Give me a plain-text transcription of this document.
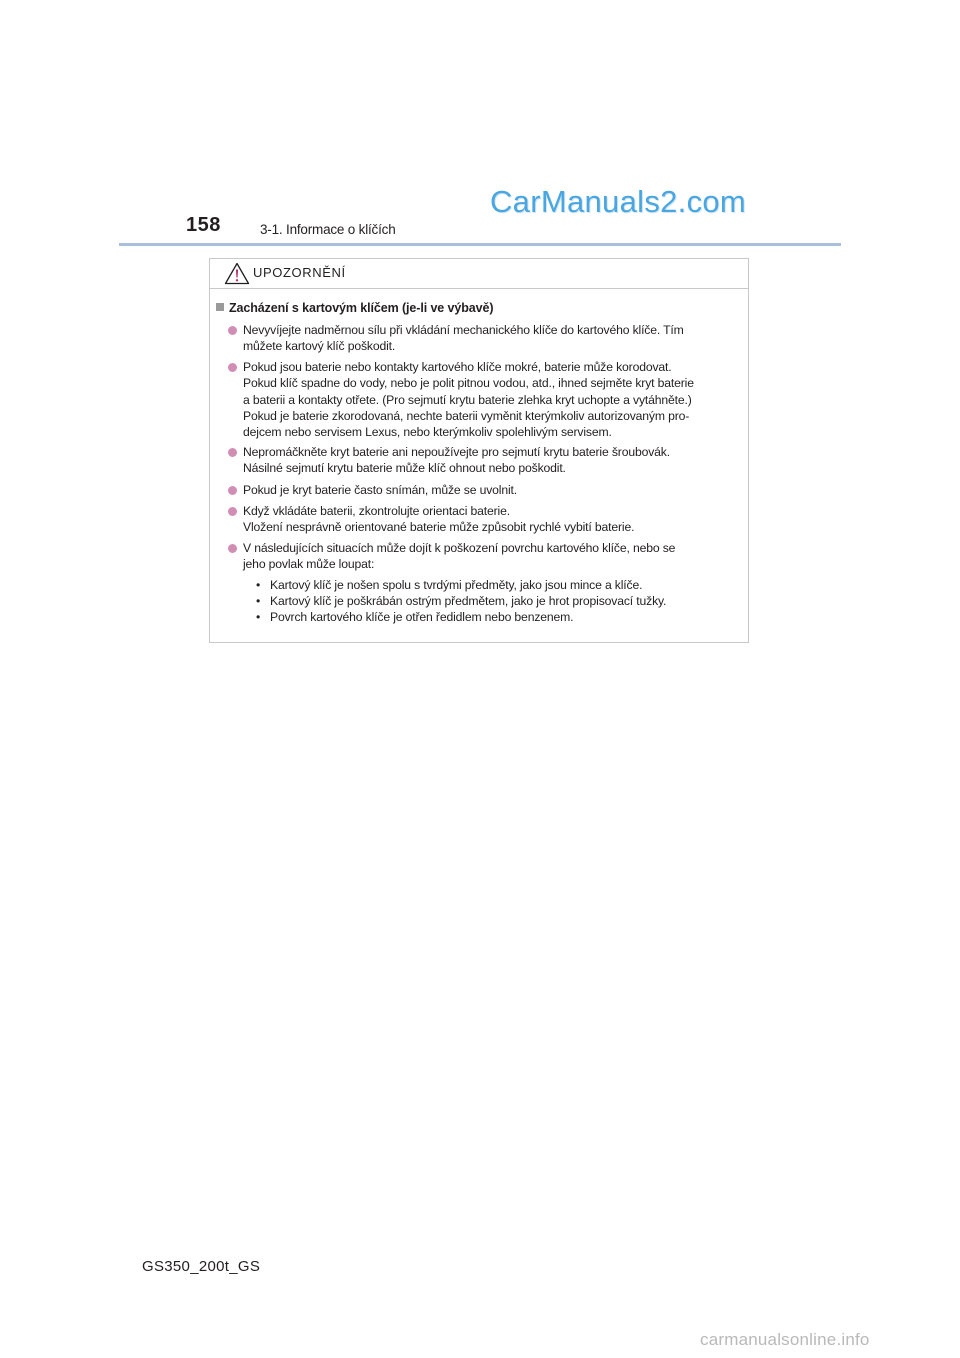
158	3-1. Informace o klíčích
CarManuals2.com
UPOZORNĚNÍ
Zacházení s kartovým klíčem (je-li ve výbavě)
Nevyvíjejte nadměrnou sílu při vkládání mechanického klíče do kartového klíče. Tím
můžete kartový klíč poškodit.
Pokud jsou baterie nebo kontakty kartového klíče mokré, baterie může korodovat.
Pokud klíč spadne do vody, nebo je polit pitnou vodou, atd., ihned sejměte kryt baterie
a baterii a kontakty otřete. (Pro sejmutí krytu baterie zlehka kryt uchopte a vytáhněte.)
Pokud je baterie zkorodovaná, nechte baterii vyměnit kterýmkoliv autorizovaným pro-
dejcem nebo servisem Lexus, nebo kterýmkoliv spolehlivým servisem.
Nepromáčkněte kryt baterie ani nepoužívejte pro sejmutí krytu baterie šroubovák.
Násilné sejmutí krytu baterie může klíč ohnout nebo poškodit.
Pokud je kryt baterie často snímán, může se uvolnit.
Když vkládáte baterii, zkontrolujte orientaci baterie.
Vložení nesprávně orientované baterie může způsobit rychlé vybití baterie.
V následujících situacích může dojít k poškození povrchu kartového klíče, nebo se
jeho povlak může loupat:
• Kartový klíč je nošen spolu s tvrdými předměty, jako jsou mince a klíče.
• Kartový klíč je poškrábán ostrým předmětem, jako je hrot propisovací tužky.
• Povrch kartového klíče je otřen ředidlem nebo benzenem.
GS350_200t_GS
carmanualsonline.info
